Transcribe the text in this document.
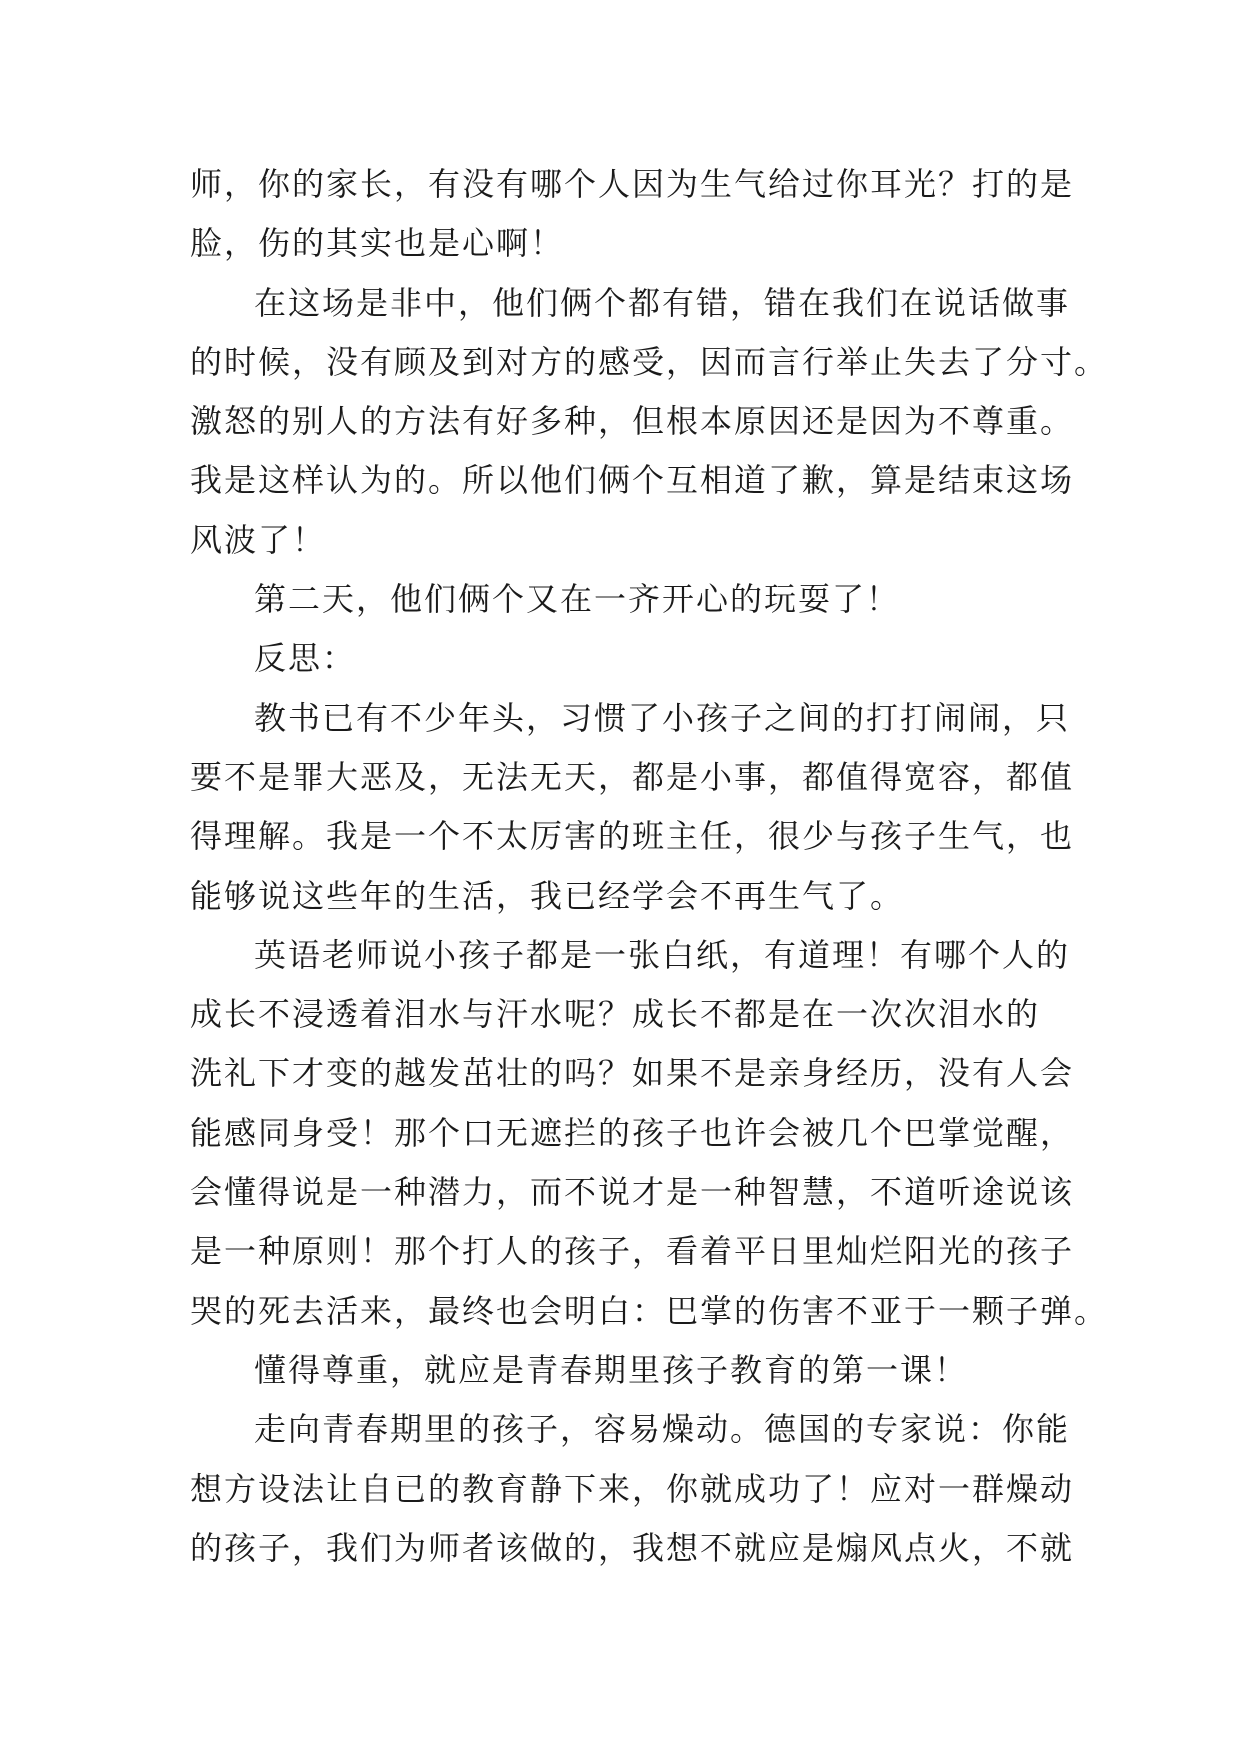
师，你的家长，有没有哪个人因为生气给过你耳光？打的是
脸，伤的其实也是心啊！
在这场是非中，他们俩个都有错，错在我们在说话做事
的时候，没有顾及到对方的感受，因而言行举止失去了分寸。
激怒的别人的方法有好多种，但根本原因还是因为不尊重。
我是这样认为的。所以他们俩个互相道了歉，算是结束这场
风波了！
第二天，他们俩个又在一齐开心的玩耍了！
反思：
教书已有不少年头，习惯了小孩子之间的打打闹闹，只
要不是罪大恶及，无法无天，都是小事，都值得宽容，都值
得理解。我是一个不太厉害的班主任，很少与孩子生气，也
能够说这些年的生活，我已经学会不再生气了。
英语老师说小孩子都是一张白纸，有道理！有哪个人的
成长不浸透着泪水与汗水呢？成长不都是在一次次泪水的
洗礼下才变的越发茁壮的吗？如果不是亲身经历，没有人会
能感同身受！那个口无遮拦的孩子也许会被几个巴掌觉醒，
会懂得说是一种潜力，而不说才是一种智慧，不道听途说该
是一种原则！那个打人的孩子，看着平日里灿烂阳光的孩子
哭的死去活来，最终也会明白：巴掌的伤害不亚于一颗子弹。
懂得尊重，就应是青春期里孩子教育的第一课！
走向青春期里的孩子，容易燥动。德国的专家说：你能
想方设法让自已的教育静下来，你就成功了！应对一群燥动
的孩子，我们为师者该做的，我想不就应是煽风点火，不就
